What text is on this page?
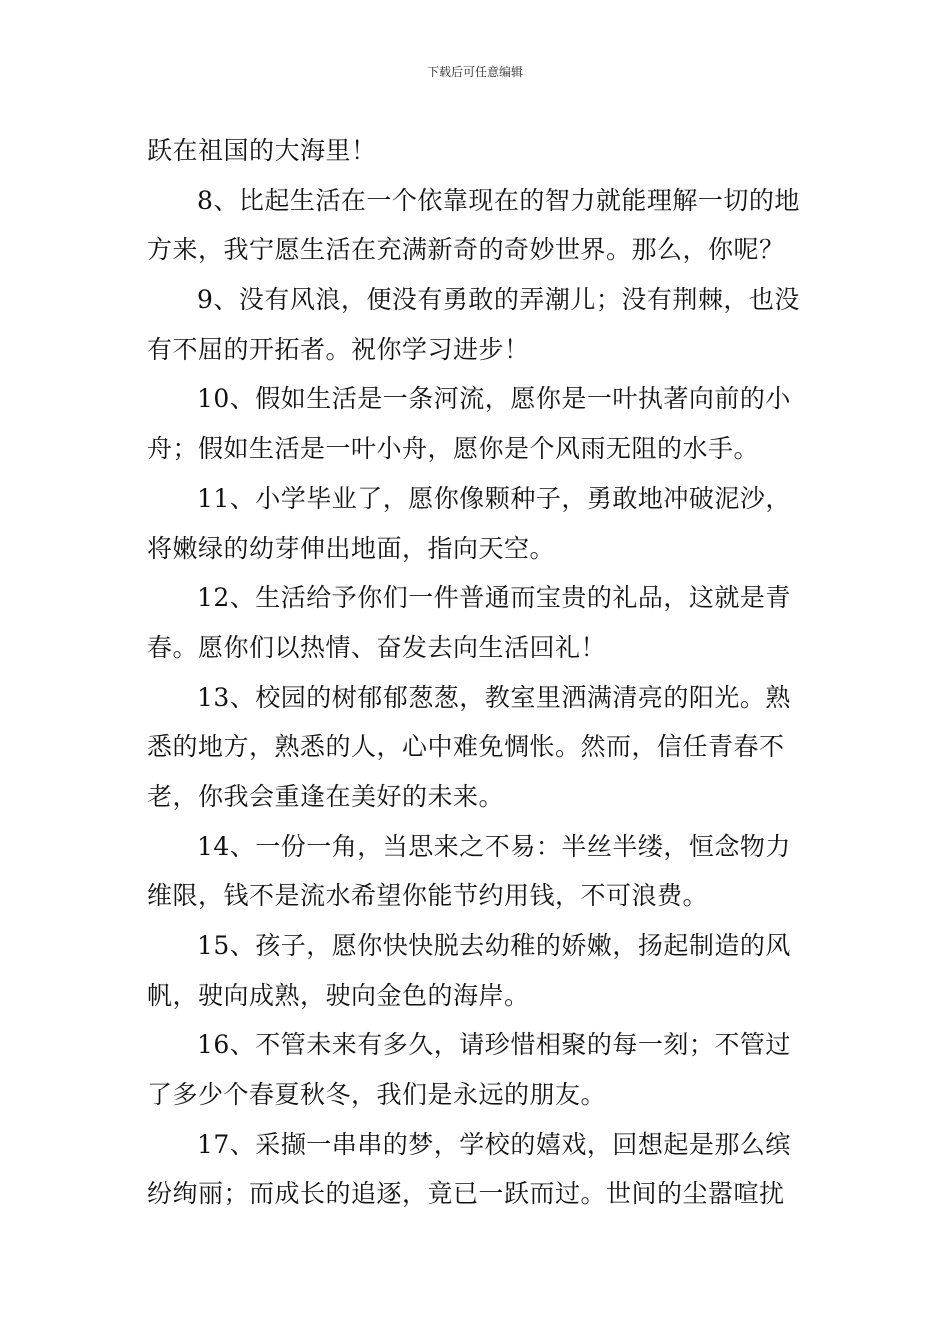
下载后可任意编辑
跃在祖国的大海里！
8、比起生活在一个依靠现在的智力就能理解一切的地
方来，我宁愿生活在充满新奇的奇妙世界。那么，你呢？
9、没有风浪，便没有勇敢的弄潮儿；没有荆棘，也没
有不屈的开拓者。祝你学习进步！
10、假如生活是一条河流，愿你是一叶执著向前的小
舟；假如生活是一叶小舟，愿你是个风雨无阻的水手。
11、小学毕业了，愿你像颗种子，勇敢地冲破泥沙，
将嫩绿的幼芽伸出地面，指向天空。
12、生活给予你们一件普通而宝贵的礼品，这就是青
春。愿你们以热情、奋发去向生活回礼！
13、校园的树郁郁葱葱，教室里洒满清亮的阳光。熟
悉的地方，熟悉的人，心中难免惆怅。然而，信任青春不
老，你我会重逢在美好的未来。
14、一份一角，当思来之不易：半丝半缕，恒念物力
维限，钱不是流水希望你能节约用钱，不可浪费。
15、孩子，愿你快快脱去幼稚的娇嫩，扬起制造的风
帆，驶向成熟，驶向金色的海岸。
16、不管未来有多久，请珍惜相聚的每一刻；不管过
了多少个春夏秋冬，我们是永远的朋友。
17、采撷一串串的梦，学校的嬉戏，回想起是那么缤
纷绚丽；而成长的追逐，竟已一跃而过。世间的尘嚣喧扰
